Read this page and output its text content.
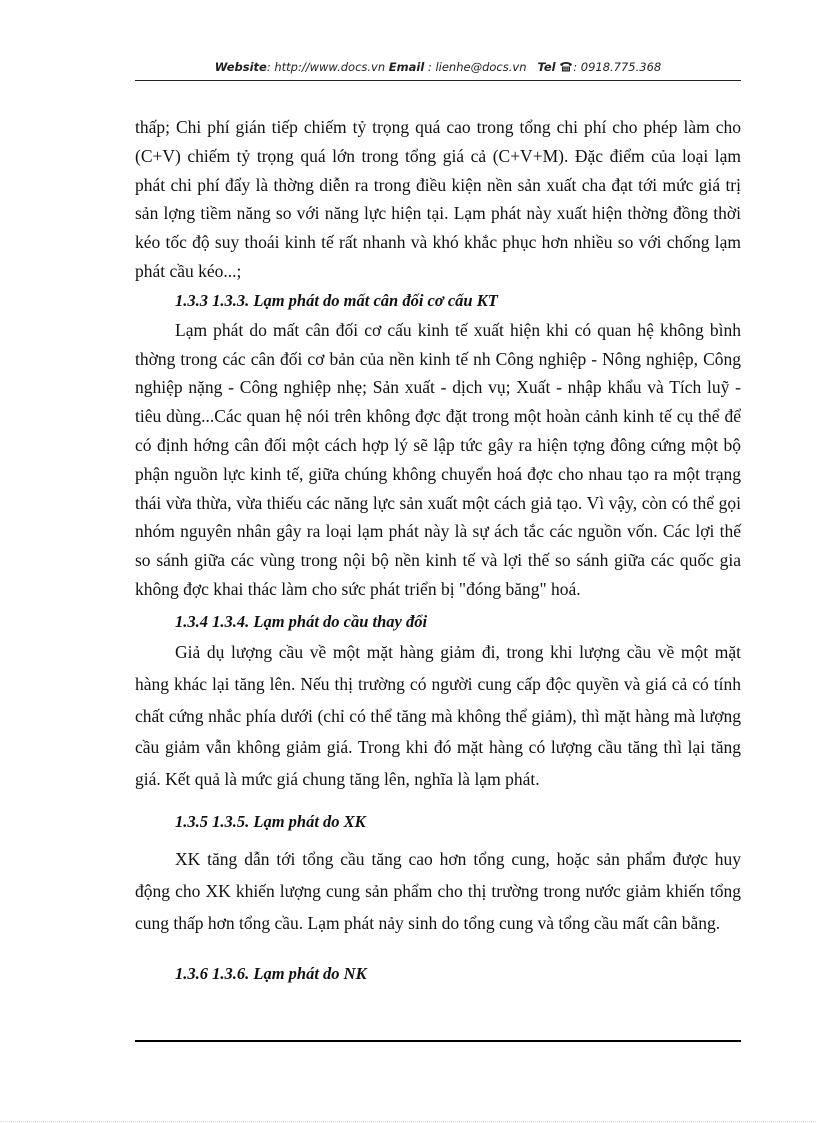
Website: http://www.docs.vn Email : lienhe@docs.vn Tel : 0918.775.368

thấp; Chi phí gián tiếp chiếm tỷ trọng quá cao trong tổng chi phí cho phép làm cho (C+V) chiếm tỷ trọng quá lớn trong tổng giá cả (C+V+M). Đặc điểm của loại lạm phát chi phí đẩy là thờng diễn ra trong điều kiện nền sản xuất cha đạt tới mức giá trị sản lợng tiềm năng so với năng lực hiện tại. Lạm phát này xuất hiện thờng đồng thời kéo tốc độ suy thoái kinh tế rất nhanh và khó khắc phục hơn nhiều so với chống lạm phát cầu kéo...;

1.3.3 1.3.3. Lạm phát do mất cân đối cơ cấu KT

Lạm phát do mất cân đối cơ cấu kinh tế xuất hiện khi có quan hệ không bình thờng trong các cân đối cơ bản của nền kinh tế nh Công nghiệp - Nông nghiệp, Công nghiệp nặng - Công nghiệp nhẹ; Sản xuất - dịch vụ; Xuất - nhập khẩu và Tích luỹ - tiêu dùng...Các quan hệ nói trên không đợc đặt trong một hoàn cảnh kinh tế cụ thể để có định hớng cân đối một cách hợp lý sẽ lập tức gây ra hiện tợng đông cứng một bộ phận nguồn lực kinh tế, giữa chúng không chuyển hoá đợc cho nhau tạo ra một trạng thái vừa thừa, vừa thiếu các năng lực sản xuất một cách giả tạo. Vì vậy, còn có thể gọi nhóm nguyên nhân gây ra loại lạm phát này là sự ách tắc các nguồn vốn. Các lợi thế so sánh giữa các vùng trong nội bộ nền kinh tế và lợi thế so sánh giữa các quốc gia không đợc khai thác làm cho sức phát triển bị "đóng băng" hoá.

1.3.4 1.3.4. Lạm phát do cầu thay đổi

Giả dụ lượng cầu về một mặt hàng giảm đi, trong khi lượng cầu về một mặt hàng khác lại tăng lên. Nếu thị trường có người cung cấp độc quyền và giá cả có tính chất cứng nhắc phía dưới (chỉ có thể tăng mà không thể giảm), thì mặt hàng mà lượng cầu giảm vẫn không giảm giá. Trong khi đó mặt hàng có lượng cầu tăng thì lại tăng giá. Kết quả là mức giá chung tăng lên, nghĩa là lạm phát.

1.3.5 1.3.5. Lạm phát do XK

XK tăng dẫn tới tổng cầu tăng cao hơn tổng cung, hoặc sản phẩm được huy động cho XK khiến lượng cung sản phẩm cho thị trường trong nước giảm khiến tổng cung thấp hơn tổng cầu. Lạm phát nảy sinh do tổng cung và tổng cầu mất cân bằng.

1.3.6 1.3.6. Lạm phát do NK
